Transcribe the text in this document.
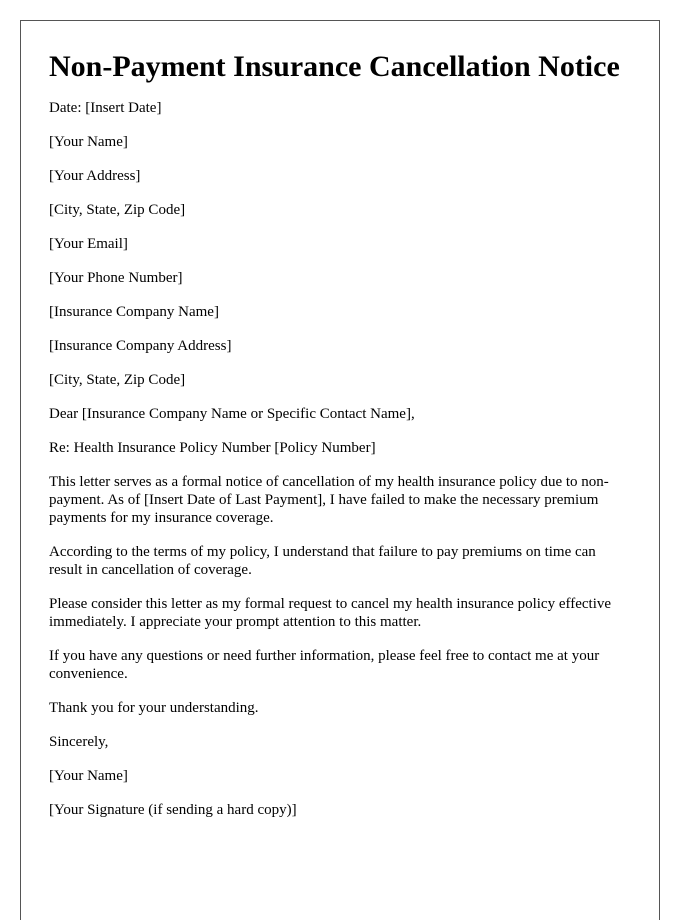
Non-Payment Insurance Cancellation Notice

Date: [Insert Date]

[Your Name]

[Your Address]

[City, State, Zip Code]

[Your Email]

[Your Phone Number]

[Insurance Company Name]

[Insurance Company Address]

[City, State, Zip Code]

Dear [Insurance Company Name or Specific Contact Name],

Re: Health Insurance Policy Number [Policy Number]

This letter serves as a formal notice of cancellation of my health insurance policy due to non-payment. As of [Insert Date of Last Payment], I have failed to make the necessary premium payments for my insurance coverage.

According to the terms of my policy, I understand that failure to pay premiums on time can result in cancellation of coverage.

Please consider this letter as my formal request to cancel my health insurance policy effective immediately. I appreciate your prompt attention to this matter.

If you have any questions or need further information, please feel free to contact me at your convenience.

Thank you for your understanding.

Sincerely,

[Your Name]

[Your Signature (if sending a hard copy)]
